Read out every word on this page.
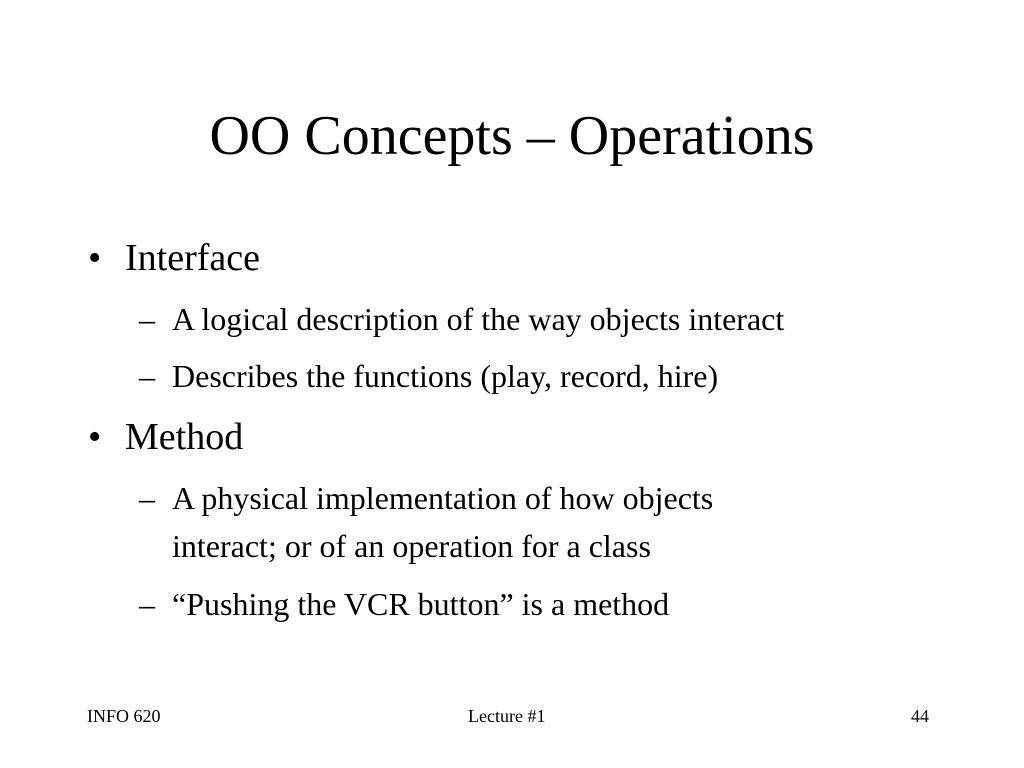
OO Concepts – Operations
• Interface
– A logical description of the way objects interact
– Describes the functions (play, record, hire)
• Method
– A physical implementation of how objects
interact; or of an operation for a class
– “Pushing the VCR button” is a method
INFO 620	Lecture #1	44
